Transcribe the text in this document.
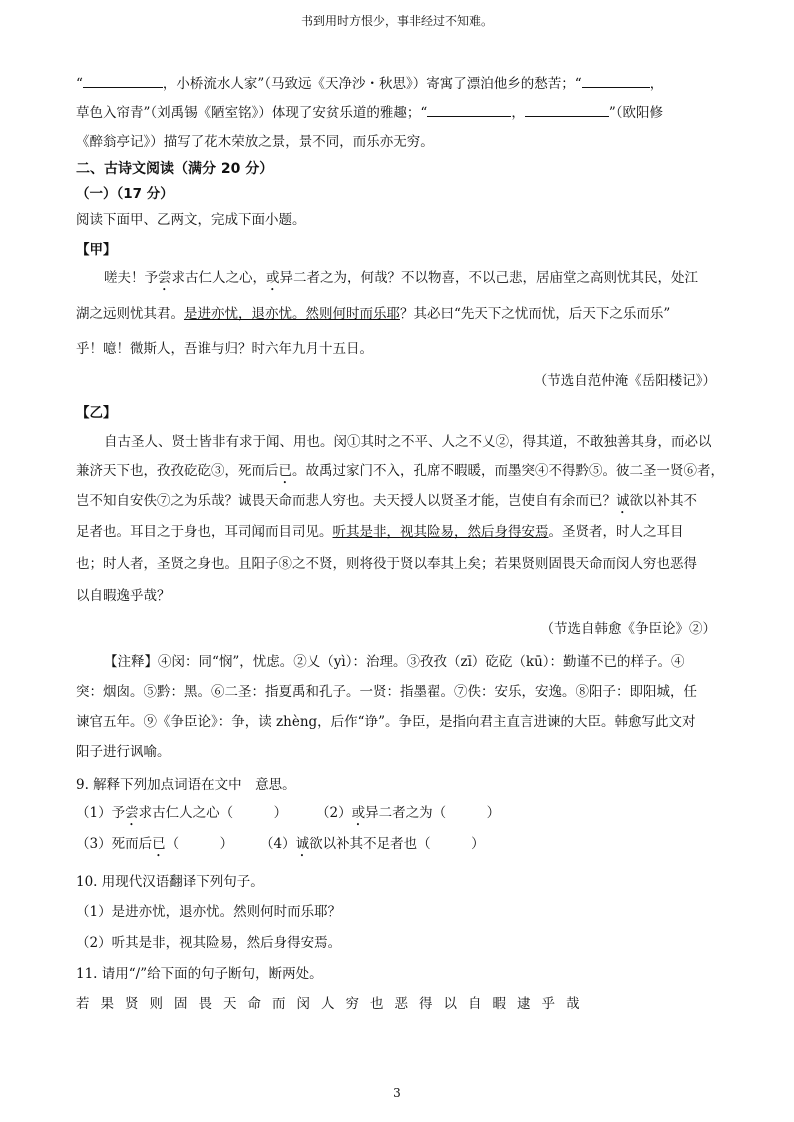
书到用时方恨少，事非经过不知难。
“	，小桥流水人家”（马致远《天净沙・秋思》）寄寓了漂泊他乡的愁苦；“	，
草色入帘青”（刘禹锡《陋室铭》）体现了安贫乐道的雅趣；“	，	”（欧阳修
《醉翁亭记》）描写了花木荣放之景，景不同，而乐亦无穷。
二、古诗文阅读（满分 20 分）
（一）（17 分）
阅读下面甲、乙两文，完成下面小题。
【甲】
嗟夫！予尝求古仁人之心，或异二者之为，何哉？不以物喜，不以己悲，居庙堂之高则忧其民，处江
湖之远则忧其君。是进亦忧，退亦忧。然则何时而乐耶？其必曰“先天下之忧而忧，后天下之乐而乐”
乎！噫！微斯人，吾谁与归？时六年九月十五日。
（节选自范仲淹《岳阳楼记》）
【乙】
自古圣人、贤士皆非有求于闻、用也。闵①其时之不平、人之不乂②，得其道，不敢独善其身，而必以
兼济天下也，孜孜矻矻③，死而后已。故禹过家门不入，孔席不暇暖，而墨突④不得黔⑤。彼二圣一贤⑥者，
岂不知自安佚⑦之为乐哉？诚畏天命而悲人穷也。夫天授人以贤圣才能，岂使自有余而已？诚欲以补其不
足者也。耳目之于身也，耳司闻而目司见。听其是非，视其险易，然后身得安焉。圣贤者，时人之耳目
也；时人者，圣贤之身也。且阳子⑧之不贤，则将役于贤以奉其上矣；若果贤则固畏天命而闵人穷也恶得
以自暇逸乎哉？
（节选自韩愈《争臣论》②）
【注释】④闵：同“悯”，忧虑。②乂（yì）：治理。③孜孜（zī）矻矻（kū）：勤谨不已的样子。④
突：烟囱。⑤黔：黑。⑥二圣：指夏禹和孔子。一贤：指墨翟。⑦佚：安乐，安逸。⑧阳子：即阳城，任
谏官五年。⑨《争臣论》：争，读 zhèng，后作“诤”。争臣，是指向君主直言进谏的大臣。韩愈写此文对
阳子进行讽喻。
9. 解释下列加点词语在文中　意思。
（1）予尝求古仁人之心（　　　） （2）或异二者之为（　　　）
（3）死而后已（　　　） （4）诚欲以补其不足者也（　　　）
10. 用现代汉语翻译下列句子。
（1）是进亦忧，退亦忧。然则何时而乐耶？
（2）听其是非，视其险易，然后身得安焉。
11. 请用“/”给下面的句子断句，断两处。
若果贤则固畏天命而闵人穷也恶得以自暇逮乎哉
3
